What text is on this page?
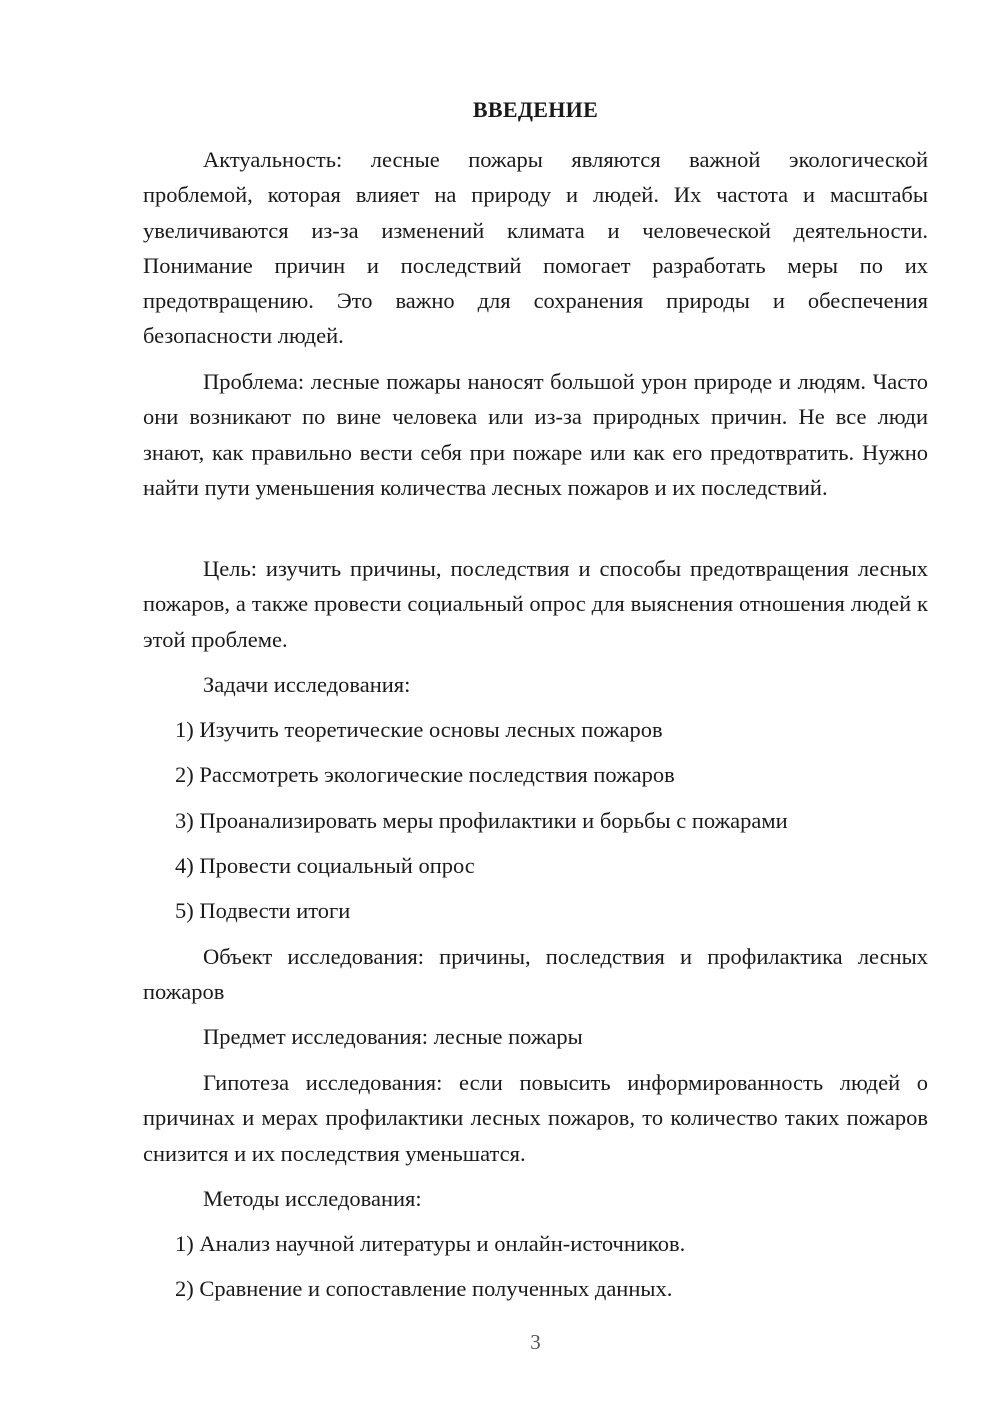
ВВЕДЕНИЕ

Актуальность: лесные пожары являются важной экологической проблемой, которая влияет на природу и людей. Их частота и масштабы увеличиваются из-за изменений климата и человеческой деятельности. Понимание причин и последствий помогает разработать меры по их предотвращению. Это важно для сохранения природы и обеспечения безопасности людей.

Проблема: лесные пожары наносят большой урон природе и людям. Часто они возникают по вине человека или из-за природных причин. Не все люди знают, как правильно вести себя при пожаре или как его предотвратить. Нужно найти пути уменьшения количества лесных пожаров и их последствий.

Цель: изучить причины, последствия и способы предотвращения лесных пожаров, а также провести социальный опрос для выяснения отношения людей к этой проблеме.

Задачи исследования:
1) Изучить теоретические основы лесных пожаров
2) Рассмотреть экологические последствия пожаров
3) Проанализировать меры профилактики и борьбы с пожарами
4) Провести социальный опрос
5) Подвести итоги

Объект исследования: причины, последствия и профилактика лесных пожаров

Предмет исследования: лесные пожары

Гипотеза исследования: если повысить информированность людей о причинах и мерах профилактики лесных пожаров, то количество таких пожаров снизится и их последствия уменьшатся.

Методы исследования:
1) Анализ научной литературы и онлайн-источников.
2) Сравнение и сопоставление полученных данных.
3
